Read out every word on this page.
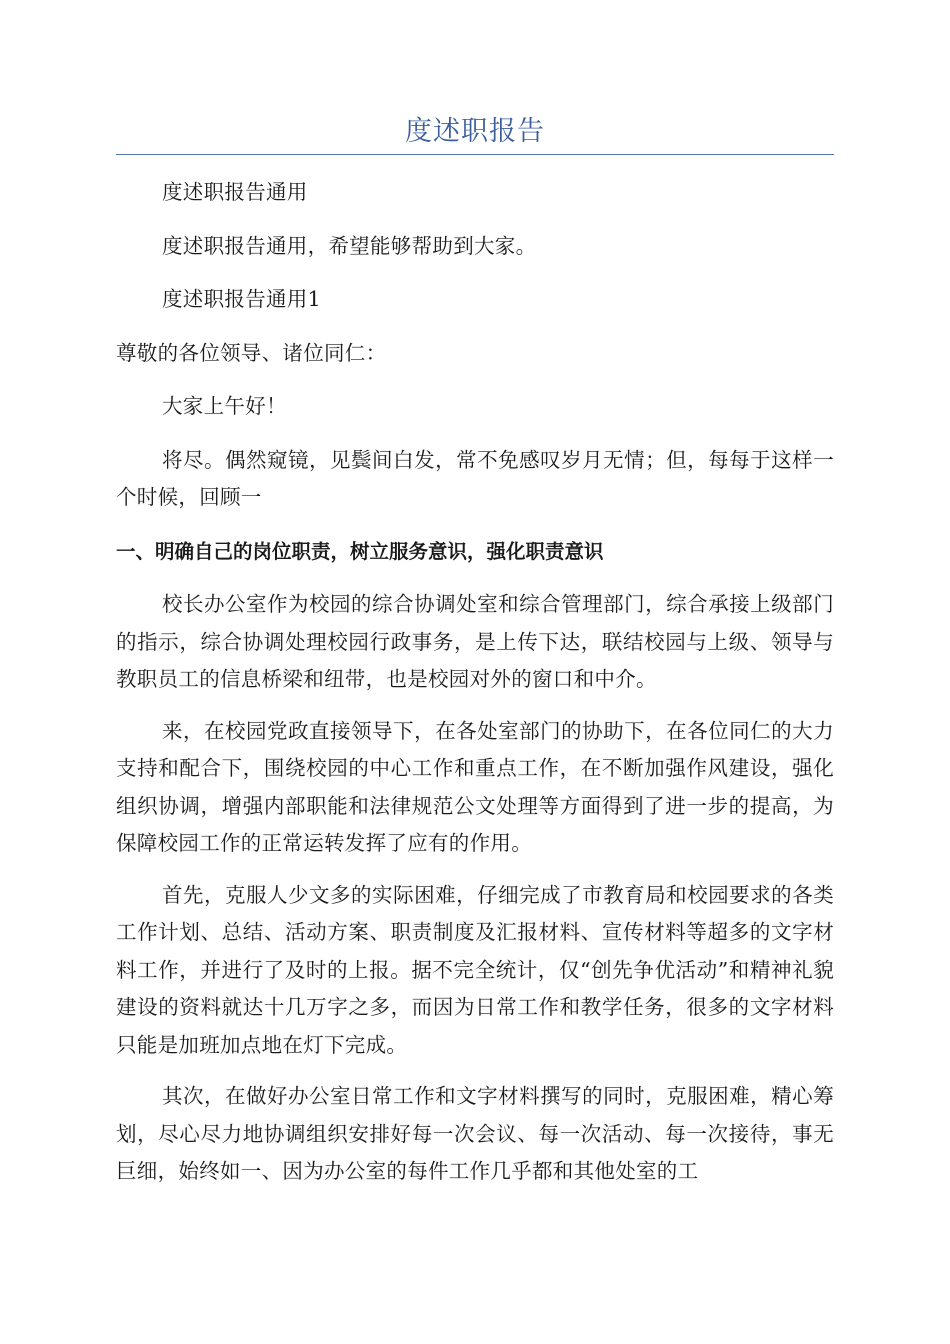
度述职报告

度述职报告通用

度述职报告通用，希望能够帮助到大家。

度述职报告通用1

尊敬的各位领导、诸位同仁：

大家上午好！

将尽。偶然窥镜，见鬓间白发，常不免感叹岁月无情；但，每每于这样一个时候，回顾一

一、明确自己的岗位职责，树立服务意识，强化职责意识

校长办公室作为校园的综合协调处室和综合管理部门，综合承接上级部门的指示，综合协调处理校园行政事务，是上传下达，联结校园与上级、领导与教职员工的信息桥梁和纽带，也是校园对外的窗口和中介。

来，在校园党政直接领导下，在各处室部门的协助下，在各位同仁的大力支持和配合下，围绕校园的中心工作和重点工作，在不断加强作风建设，强化组织协调，增强内部职能和法律规范公文处理等方面得到了进一步的提高，为保障校园工作的正常运转发挥了应有的作用。

首先，克服人少文多的实际困难，仔细完成了市教育局和校园要求的各类工作计划、总结、活动方案、职责制度及汇报材料、宣传材料等超多的文字材料工作，并进行了及时的上报。据不完全统计，仅“创先争优活动”和精神礼貌建设的资料就达十几万字之多，而因为日常工作和教学任务，很多的文字材料只能是加班加点地在灯下完成。

其次，在做好办公室日常工作和文字材料撰写的同时，克服困难，精心筹划，尽心尽力地协调组织安排好每一次会议、每一次活动、每一次接待，事无巨细，始终如一、因为办公室的每件工作几乎都和其他处室的工
